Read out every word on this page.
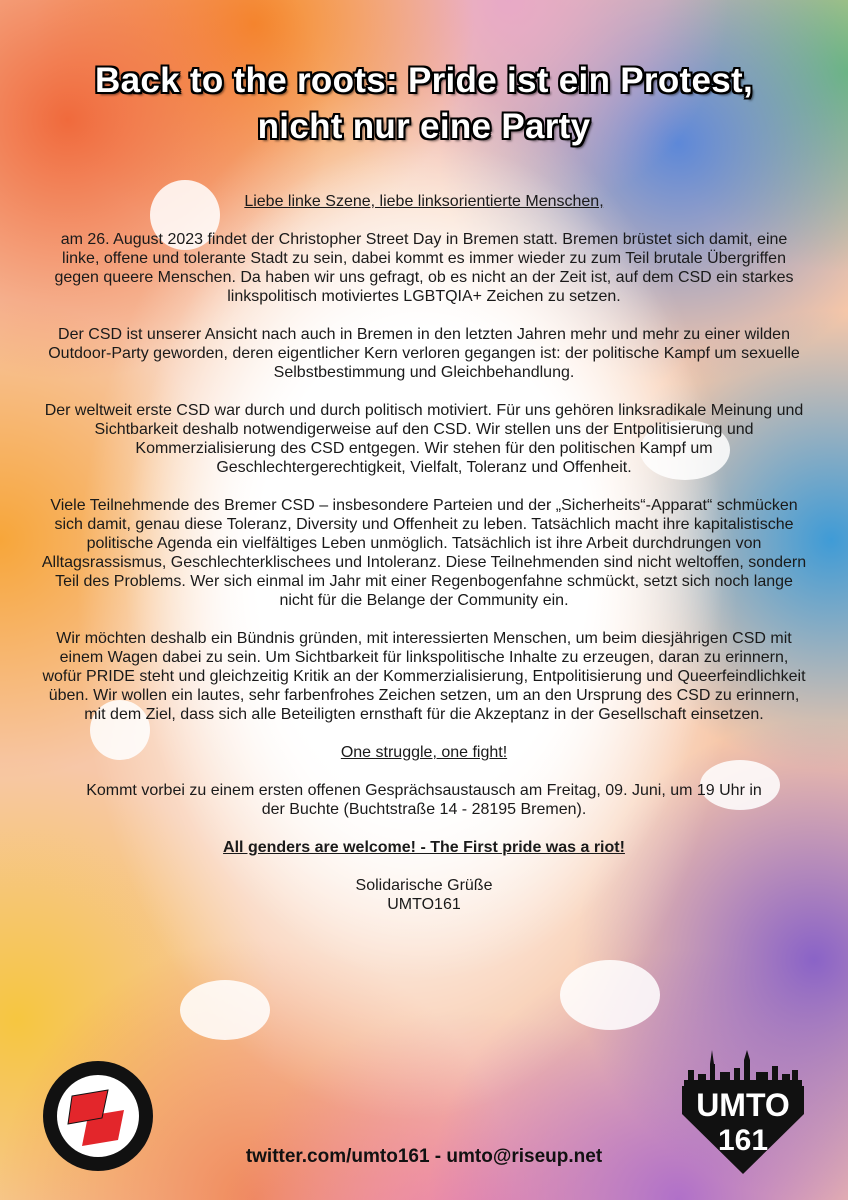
Back to the roots: Pride ist ein Protest,
nicht nur eine Party

Liebe linke Szene, liebe linksorientierte Menschen,

am 26. August 2023 findet der Christopher Street Day in Bremen statt. Bremen brüstet sich damit, eine linke, offene und tolerante Stadt zu sein, dabei kommt es immer wieder zu zum Teil brutale Übergriffen gegen queere Menschen. Da haben wir uns gefragt, ob es nicht an der Zeit ist, auf dem CSD ein starkes linkspolitisch motiviertes LGBTQIA+ Zeichen zu setzen.

Der CSD ist unserer Ansicht nach auch in Bremen in den letzten Jahren mehr und mehr zu einer wilden Outdoor-Party geworden, deren eigentlicher Kern verloren gegangen ist: der politische Kampf um sexuelle Selbstbestimmung und Gleichbehandlung.

Der weltweit erste CSD war durch und durch politisch motiviert. Für uns gehören linksradikale Meinung und Sichtbarkeit deshalb notwendigerweise auf den CSD. Wir stellen uns der Entpolitisierung und Kommerzialisierung des CSD entgegen. Wir stehen für den politischen Kampf um Geschlechtergerechtigkeit, Vielfalt, Toleranz und Offenheit.

Viele Teilnehmende des Bremer CSD – insbesondere Parteien und der „Sicherheits“-Apparat“ schmücken sich damit, genau diese Toleranz, Diversity und Offenheit zu leben. Tatsächlich macht ihre kapitalistische politische Agenda ein vielfältiges Leben unmöglich. Tatsächlich ist ihre Arbeit durchdrungen von Alltagsrassismus, Geschlechterklischees und Intoleranz. Diese Teilnehmenden sind nicht weltoffen, sondern Teil des Problems. Wer sich einmal im Jahr mit einer Regenbogenfahne schmückt, setzt sich noch lange nicht für die Belange der Community ein.

Wir möchten deshalb ein Bündnis gründen, mit interessierten Menschen, um beim diesjährigen CSD mit einem Wagen dabei zu sein. Um Sichtbarkeit für linkspolitische Inhalte zu erzeugen, daran zu erinnern, wofür PRIDE steht und gleichzeitig Kritik an der Kommerzialisierung, Entpolitisierung und Queerfeindlichkeit üben. Wir wollen ein lautes, sehr farbenfrohes Zeichen setzen, um an den Ursprung des CSD zu erinnern, mit dem Ziel, dass sich alle Beteiligten ernsthaft für die Akzeptanz in der Gesellschaft einsetzen.

One struggle, one fight!

Kommt vorbei zu einem ersten offenen Gesprächsaustausch am Freitag, 09. Juni, um 19 Uhr in der Buchte (Buchtstraße 14 - 28195 Bremen).

All genders are welcome! - The First pride was a riot!

Solidarische Grüße
UMTO161

twitter.com/umto161 - umto@riseup.net
UMTO
161
